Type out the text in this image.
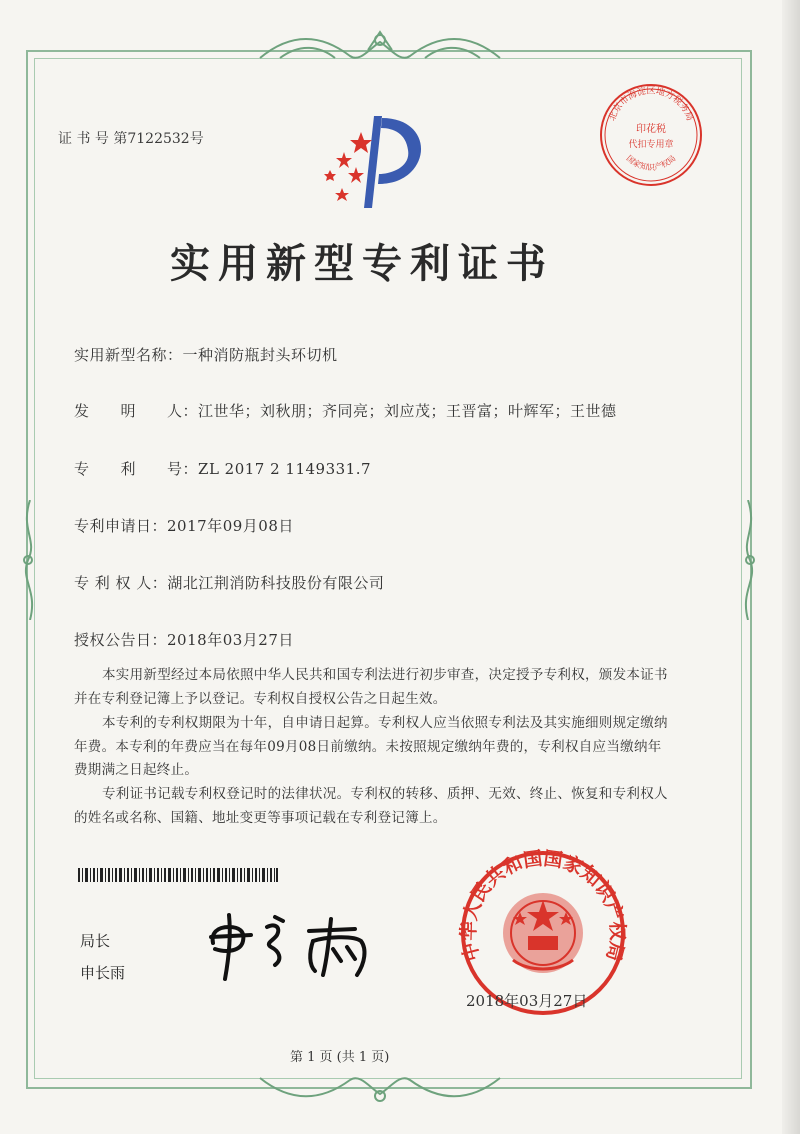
证 书 号 第7122532号
北京市海淀区地方税务局
印花税
代扣专用章
国家知识产权局
实用新型专利证书
实用新型名称：一种消防瓶封头环切机
发　　明　　人：江世华；刘秋朋；齐同亮；刘应茂；王晋富；叶辉军；王世德
专　　利　　号：ZL 2017 2 1149331.7
专利申请日：2017年09月08日
专 利 权 人：湖北江荆消防科技股份有限公司
授权公告日：2018年03月27日
本实用新型经过本局依照中华人民共和国专利法进行初步审查，决定授予专利权，颁发本证书并在专利登记簿上予以登记。专利权自授权公告之日起生效。
本专利的专利权期限为十年，自申请日起算。专利权人应当依照专利法及其实施细则规定缴纳年费。本专利的年费应当在每年09月08日前缴纳。未按照规定缴纳年费的，专利权自应当缴纳年费期满之日起终止。
专利证书记载专利权登记时的法律状况。专利权的转移、质押、无效、终止、恢复和专利权人的姓名或名称、国籍、地址变更等事项记载在专利登记簿上。
局长
申长雨
中华人民共和国国家知识产权局
2018年03月27日
第 1 页 (共 1 页)
